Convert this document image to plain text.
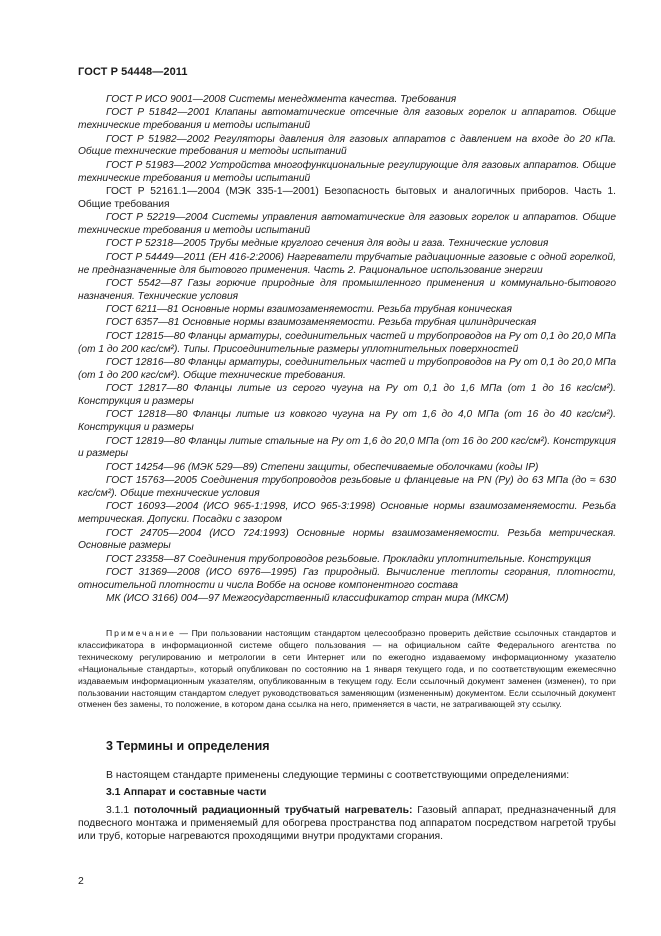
ГОСТ Р 54448—2011

ГОСТ Р ИСО 9001—2008 Системы менеджмента качества. Требования

ГОСТ Р 51842—2001 Клапаны автоматические отсечные для газовых горелок и аппаратов. Общие технические требования и методы испытаний

ГОСТ Р 51982—2002 Регуляторы давления для газовых аппаратов с давлением на входе до 20 кПа. Общие технические требования и методы испытаний

ГОСТ Р 51983—2002 Устройства многофункциональные регулирующие для газовых аппаратов. Общие технические требования и методы испытаний

ГОСТ Р 52161.1—2004 (МЭК 335-1—2001) Безопасность бытовых и аналогичных приборов. Часть 1. Общие требования

ГОСТ Р 52219—2004 Системы управления автоматические для газовых горелок и аппаратов. Общие технические требования и методы испытаний

ГОСТ Р 52318—2005 Трубы медные круглого сечения для воды и газа. Технические условия

ГОСТ Р 54449—2011 (ЕН 416-2:2006) Нагреватели трубчатые радиационные газовые с одной горелкой, не предназначенные для бытового применения. Часть 2. Рациональное использование энергии

ГОСТ 5542—87 Газы горючие природные для промышленного применения и коммунально-бытового назначения. Технические условия

ГОСТ 6211—81 Основные нормы взаимозаменяемости. Резьба трубная коническая

ГОСТ 6357—81 Основные нормы взаимозаменяемости. Резьба трубная цилиндрическая

ГОСТ 12815—80 Фланцы арматуры, соединительных частей и трубопроводов на Pу от 0,1 до 20,0 МПа (от 1 до 200 кгс/см²). Типы. Присоединительные размеры уплотнительных поверхностей

ГОСТ 12816—80 Фланцы арматуры, соединительных частей и трубопроводов на Pу от 0,1 до 20,0 МПа (от 1 до 200 кгс/см²). Общие технические требования.

ГОСТ 12817—80 Фланцы литые из серого чугуна на Pу от 0,1 до 1,6 МПа (от 1 до 16 кгс/см²). Конструкция и размеры

ГОСТ 12818—80 Фланцы литые из ковкого чугуна на Pу от 1,6 до 4,0 МПа (от 16 до 40 кгс/см²). Конструкция и размеры

ГОСТ 12819—80 Фланцы литые стальные на Pу от 1,6 до 20,0 МПа (от 16 до 200 кгс/см²). Конструкция и размеры

ГОСТ 14254—96 (МЭК 529—89) Степени защиты, обеспечиваемые оболочками (коды IP)

ГОСТ 15763—2005 Соединения трубопроводов резьбовые и фланцевые на PN (Pу) до 63 МПа (до ≈ 630 кгс/см²). Общие технические условия

ГОСТ 16093—2004 (ИСО 965-1:1998, ИСО 965-3:1998) Основные нормы взаимозаменяемости. Резьба метрическая. Допуски. Посадки с зазором

ГОСТ 24705—2004 (ИСО 724:1993) Основные нормы взаимозаменяемости. Резьба метрическая. Основные размеры

ГОСТ 23358—87 Соединения трубопроводов резьбовые. Прокладки уплотнительные. Конструкция

ГОСТ 31369—2008 (ИСО 6976—1995) Газ природный. Вычисление теплоты сгорания, плотности, относительной плотности и числа Воббе на основе компонентного состава

МК (ИСО 3166) 004—97 Межгосударственный классификатор стран мира (МКСМ)

Примечание — При пользовании настоящим стандартом целесообразно проверить действие ссылочных стандартов и классификатора в информационной системе общего пользования — на официальном сайте Федерального агентства по техническому регулированию и метрологии в сети Интернет или по ежегодно издаваемому информационному указателю «Национальные стандарты», который опубликован по состоянию на 1 января текущего года, и по соответствующим ежемесячно издаваемым информационным указателям, опубликованным в текущем году. Если ссылочный документ заменен (изменен), то при пользовании настоящим стандартом следует руководствоваться заменяющим (измененным) документом. Если ссылочный документ отменен без замены, то положение, в котором дана ссылка на него, применяется в части, не затрагивающей эту ссылку.
3 Термины и определения
В настоящем стандарте применены следующие термины с соответствующими определениями:
3.1 Аппарат и составные части
3.1.1 потолочный радиационный трубчатый нагреватель: Газовый аппарат, предназначенный для подвесного монтажа и применяемый для обогрева пространства под аппаратом посредством нагретой трубы или труб, которые нагреваются проходящими внутри продуктами сгорания.
2
